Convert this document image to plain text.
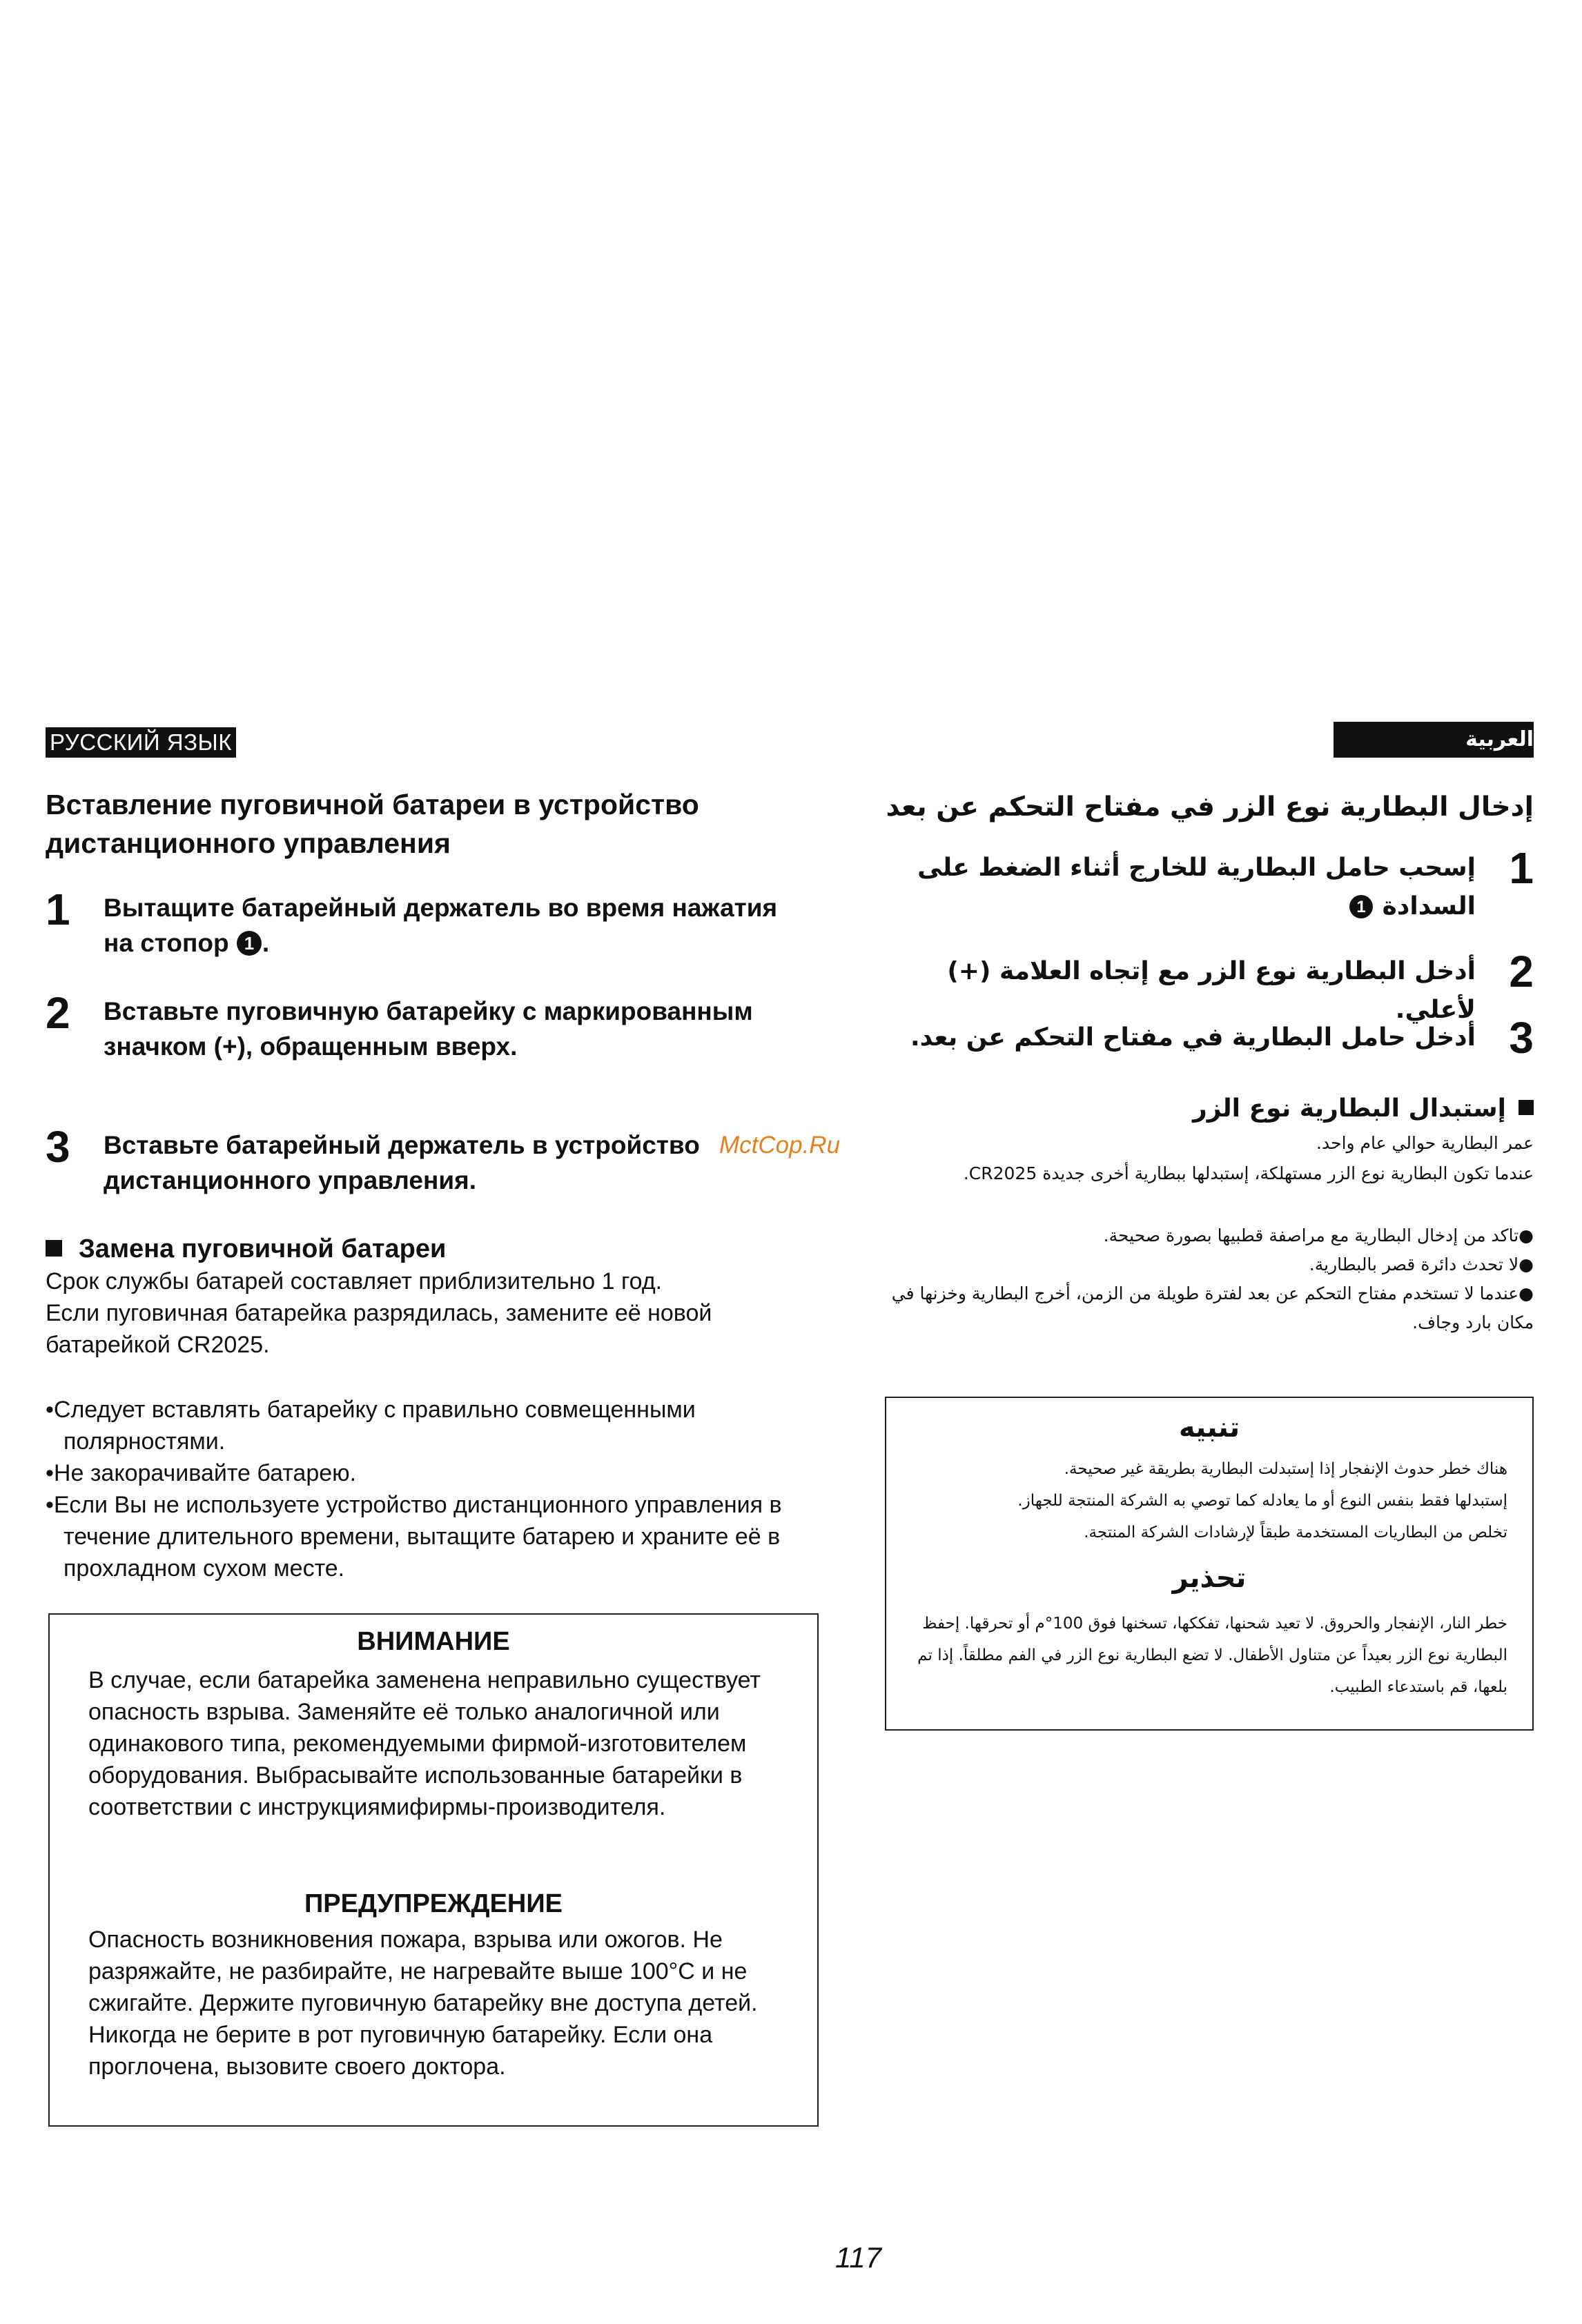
РУССКИЙ ЯЗЫК
Вставление пуговичной батареи в устройство дистанционного управления
1 Вытащите батарейный держатель во время нажатия на стопор 1 .
2 Вставьте пуговичную батарейку с маркированным значком (+), обращенным вверх.
3 Вставьте батарейный держатель в устройство дистанционного управления.
Замена пуговичной батареи
Срок службы батарей составляет приблизительно 1 год.
Если пуговичная батарейка разрядилась, замените её новой батарейкой CR2025.
•Следует вставлять батарейку с правильно совмещенными полярностями.
•Не закорачивайте батарею.
•Если Вы не используете устройство дистанционного управления в течение длительного времени, вытащите батарею и храните её в прохладном сухом месте.
ВНИМАНИЕ
В случае, если батарейка заменена неправильно существует опасность взрыва. Заменяйте её только аналогичной или одинакового типа, рекомендуемыми фирмой-изготовителем оборудования. Выбрасывайте использованные батарейки в соответствии с инструкциямифирмы-производителя.
ПРЕДУПРЕЖДЕНИЕ
Опасность возникновения пожара, взрыва или ожогов. Не разряжайте, не разбирайте, не нагревайте выше 100°C и не сжигайте. Держите пуговичную батарейку вне доступа детей. Никогда не берите в рот пуговичную батарейку. Если она проглочена, вызовите своего доктора.
MctCop.Ru
العربية
إدخال البطارية نوع الزر في مفتاح التحكم عن بعد
1
إسحب حامل البطارية للخارج أثناء الضغط على السدادة
1
2
أدخل البطارية نوع الزر مع إتجاه العلامة (+) لأعلي.
3
أدخل حامل البطارية في مفتاح التحكم عن بعد.
إستبدال البطارية نوع الزر
عمر البطارية حوالي عام واحد.
عندما تكون البطارية نوع الزر مستهلكة، إستبدلها ببطارية أخرى جديدة CR2025.
●تاكد من إدخال البطارية مع مراصفة قطبيها بصورة صحيحة.
●لا تحدث دائرة قصر بالبطارية.
●عندما لا تستخدم مفتاح التحكم عن بعد لفترة طويلة من الزمن، أخرج البطارية وخزنها في مكان بارد وجاف.
تنبيه
هناك خطر حدوث الإنفجار إذا إستبدلت البطارية بطريقة غير صحيحة.
إستبدلها فقط بنفس النوع أو ما يعادله كما توصي به الشركة المنتجة للجهاز.
تخلص من البطاريات المستخدمة طبقاً لإرشادات الشركة المنتجة.
تحذير
خطر النار، الإنفجار والحروق. لا تعيد شحنها، تفككها، تسخنها فوق 100°م أو تحرقها. إحفظ البطارية نوع الزر بعيداً عن متناول الأطفال. لا تضع البطارية نوع الزر في الفم مطلقاً. إذا تم بلعها، قم باستدعاء الطبيب.
117
